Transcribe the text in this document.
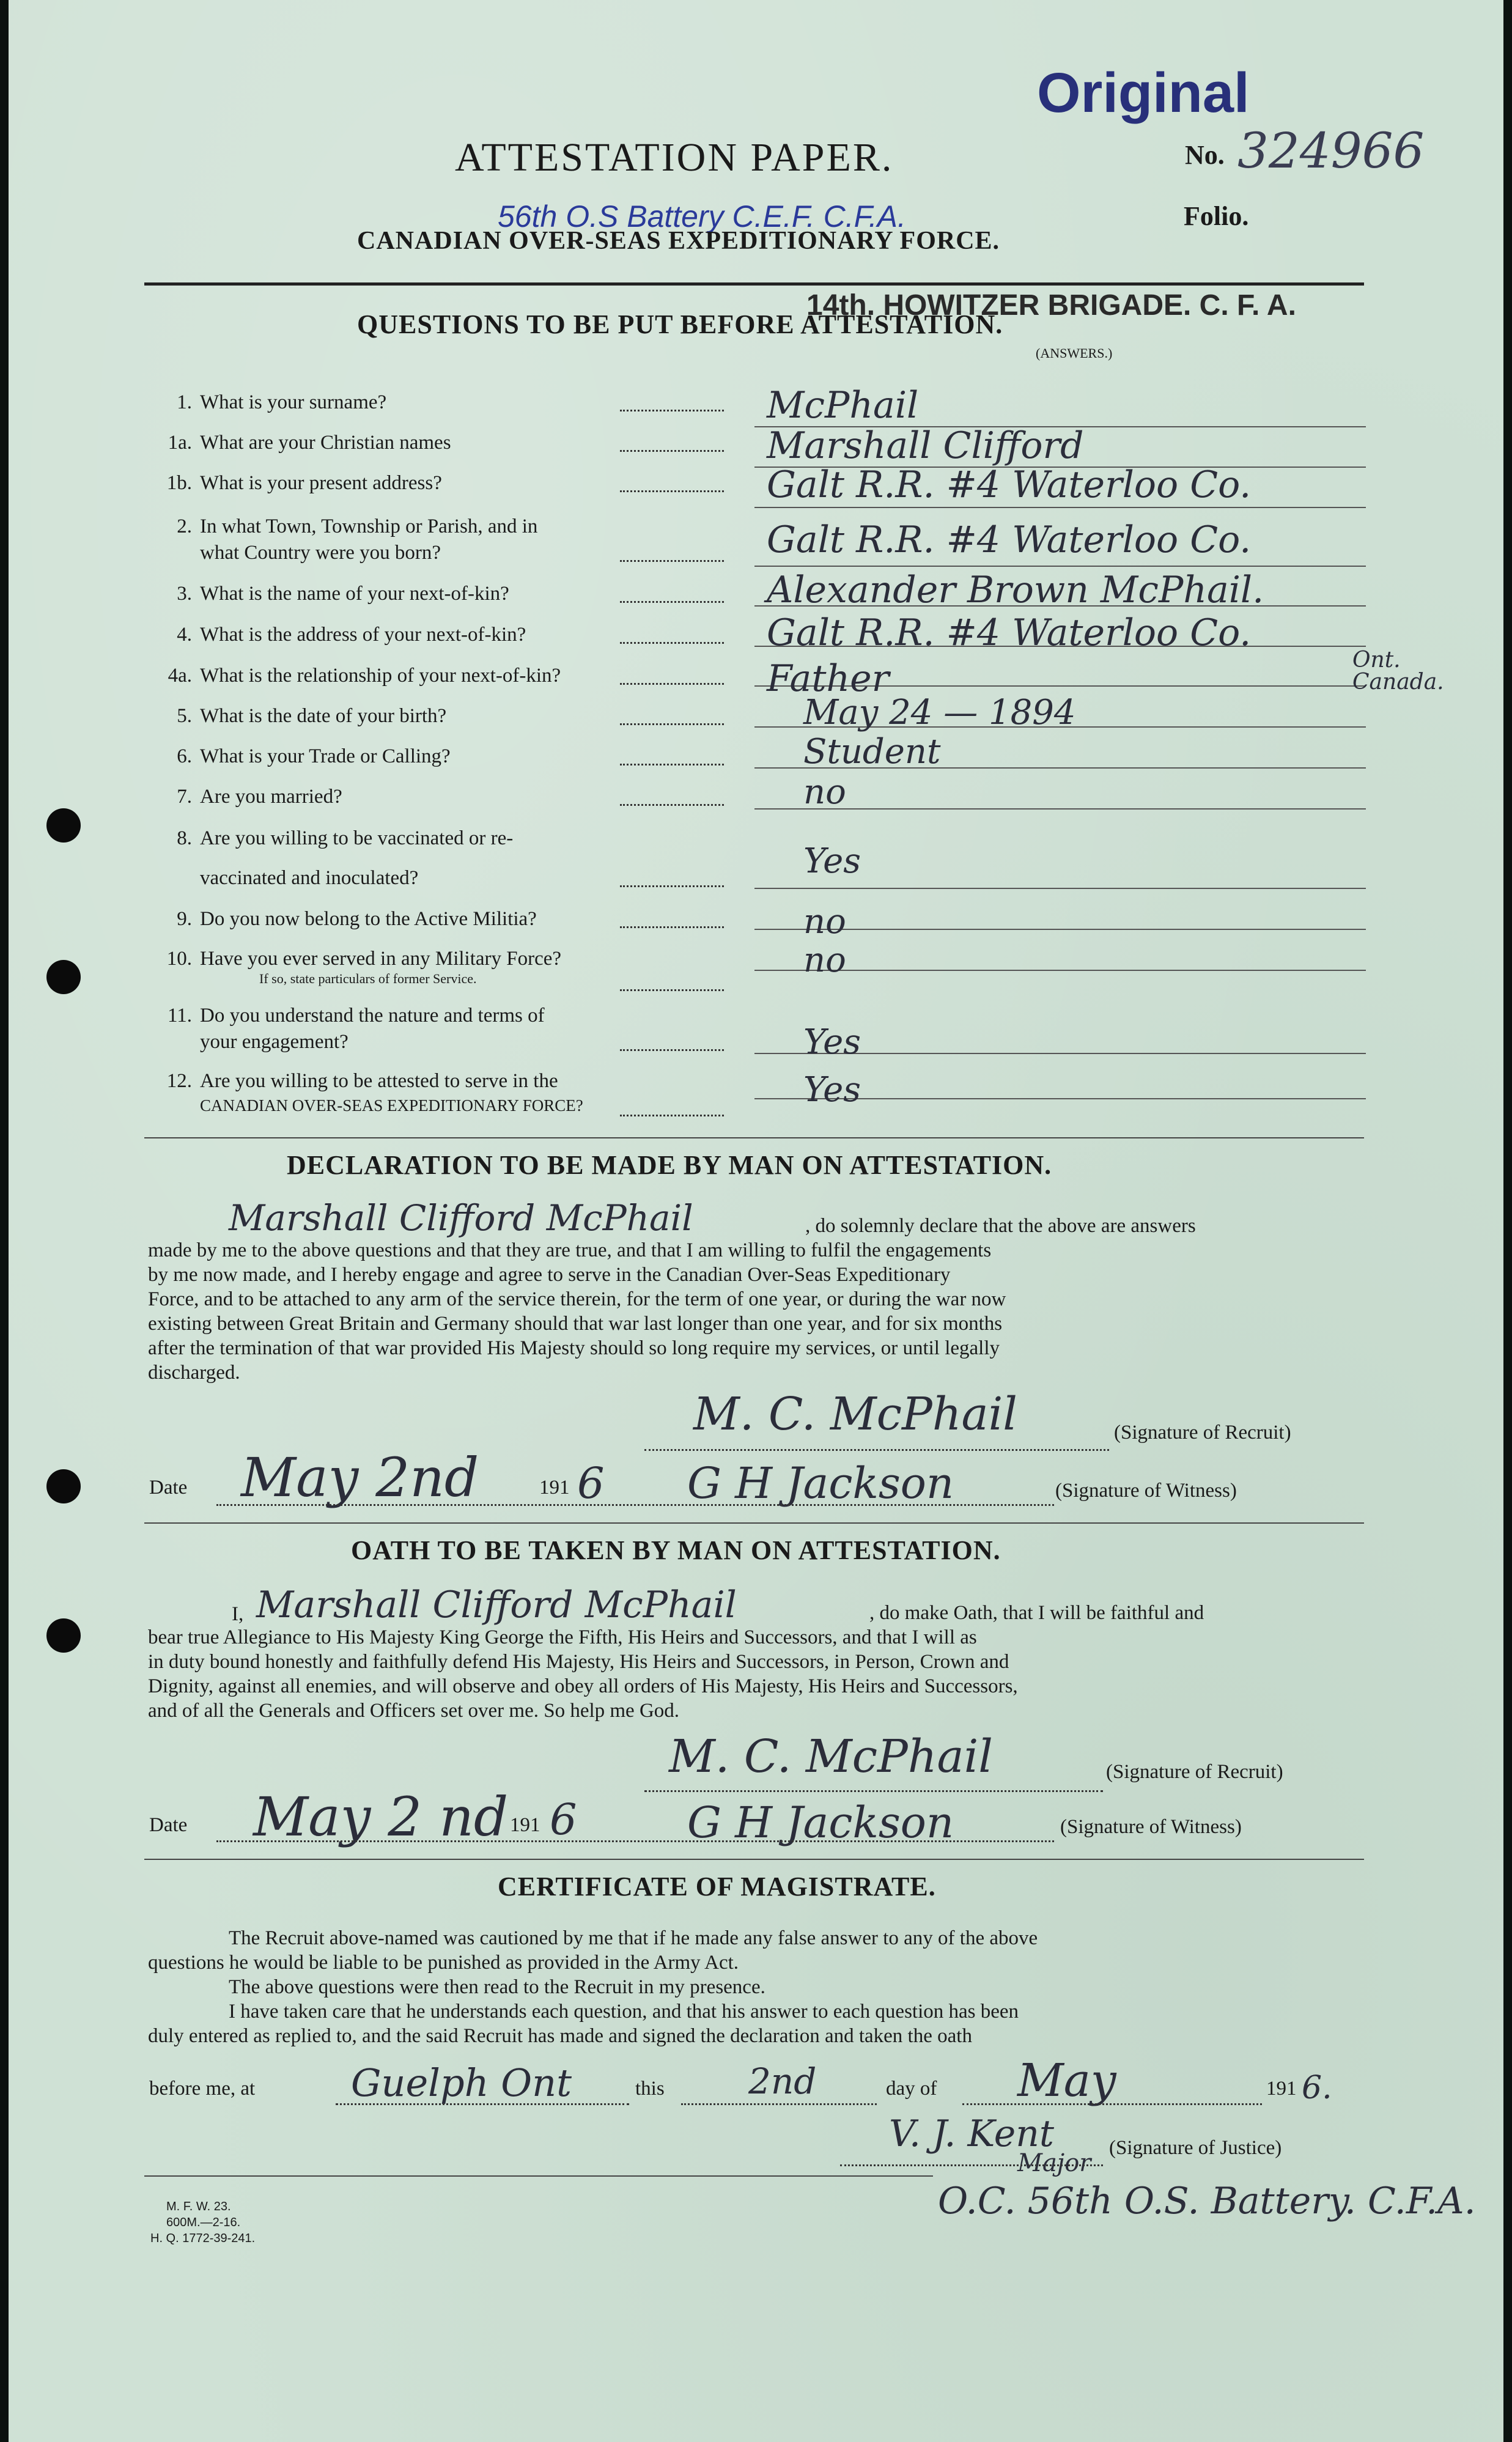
Original
ATTESTATION PAPER.	No. 324966
56th O.S Battery C.E.F. C.F.A.	Folio.
CANADIAN OVER-SEAS EXPEDITIONARY FORCE.
14th. HOWITZER BRIGADE. C. F. A.
QUESTIONS TO BE PUT BEFORE ATTESTATION.
(ANSWERS.)
1. What is your surname?	McPhail
1a. What are your Christian names	Marshall Clifford
1b. What is your present address?	Galt R.R. #4 Waterloo Co.
2. In what Town, Township or Parish, and in
what Country were you born?	Galt R.R. #4 Waterloo Co.
3. What is the name of your next-of-kin?	Alexander Brown McPhail.
4. What is the address of your next-of-kin?	Galt R.R. #4 Waterloo Co.
4a. What is the relationship of your next-of-kin?	Father
5. What is the date of your birth?	May 24 — 1894
6. What is your Trade or Calling?	Student
7. Are you married?	no
8. Are you willing to be vaccinated or re-
vaccinated and inoculated?	Yes
9. Do you now belong to the Active Militia?	no
10. Have you ever served in any Military Force?
If so, state particulars of former Service.	no
11. Do you understand the nature and terms of
your engagement?	Yes
12. Are you willing to be attested to serve in the
CANADIAN OVER-SEAS EXPEDITIONARY FORCE?	Yes
Ont. Canada.
DECLARATION TO BE MADE BY MAN ON ATTESTATION.
Marshall Clifford McPhail	, do solemnly declare that the above are answers
made by me to the above questions and that they are true, and that I am willing to fulfil the engagements
by me now made, and I hereby engage and agree to serve in the Canadian Over-Seas Expeditionary
Force, and to be attached to any arm of the service therein, for the term of one year, or during the war now
existing between Great Britain and Germany should that war last longer than one year, and for six months
after the termination of that war provided His Majesty should so long require my services, or until legally
discharged.
M. C. McPhail	(Signature of Recruit)
Date May 2nd	191 6 G H Jackson	(Signature of Witness)
OATH TO BE TAKEN BY MAN ON ATTESTATION.
I, Marshall Clifford McPhail	, do make Oath, that I will be faithful and
bear true Allegiance to His Majesty King George the Fifth, His Heirs and Successors, and that I will as
in duty bound honestly and faithfully defend His Majesty, His Heirs and Successors, in Person, Crown and
Dignity, against all enemies, and will observe and obey all orders of His Majesty, His Heirs and Successors,
and of all the Generals and Officers set over me. So help me God.
M. C. McPhail	(Signature of Recruit)
Date May 2 nd 191 6	G H Jackson	(Signature of Witness)
CERTIFICATE OF MAGISTRATE.
The Recruit above-named was cautioned by me that if he made any false answer to any of the above
questions he would be liable to be punished as provided in the Army Act.
The above questions were then read to the Recruit in my presence.
I have taken care that he understands each question, and that his answer to each question has been
duly entered as replied to, and the said Recruit has made and signed the declaration and taken the oath
before me, at	Guelph Ont	this 2nd	day of May	191 6.
V. J. Kent
Major
(Signature of Justice)
O.C. 56th O.S. Battery. C.F.A.
M. F. W. 23.
600M.—2-16.
H. Q. 1772-39-241.
